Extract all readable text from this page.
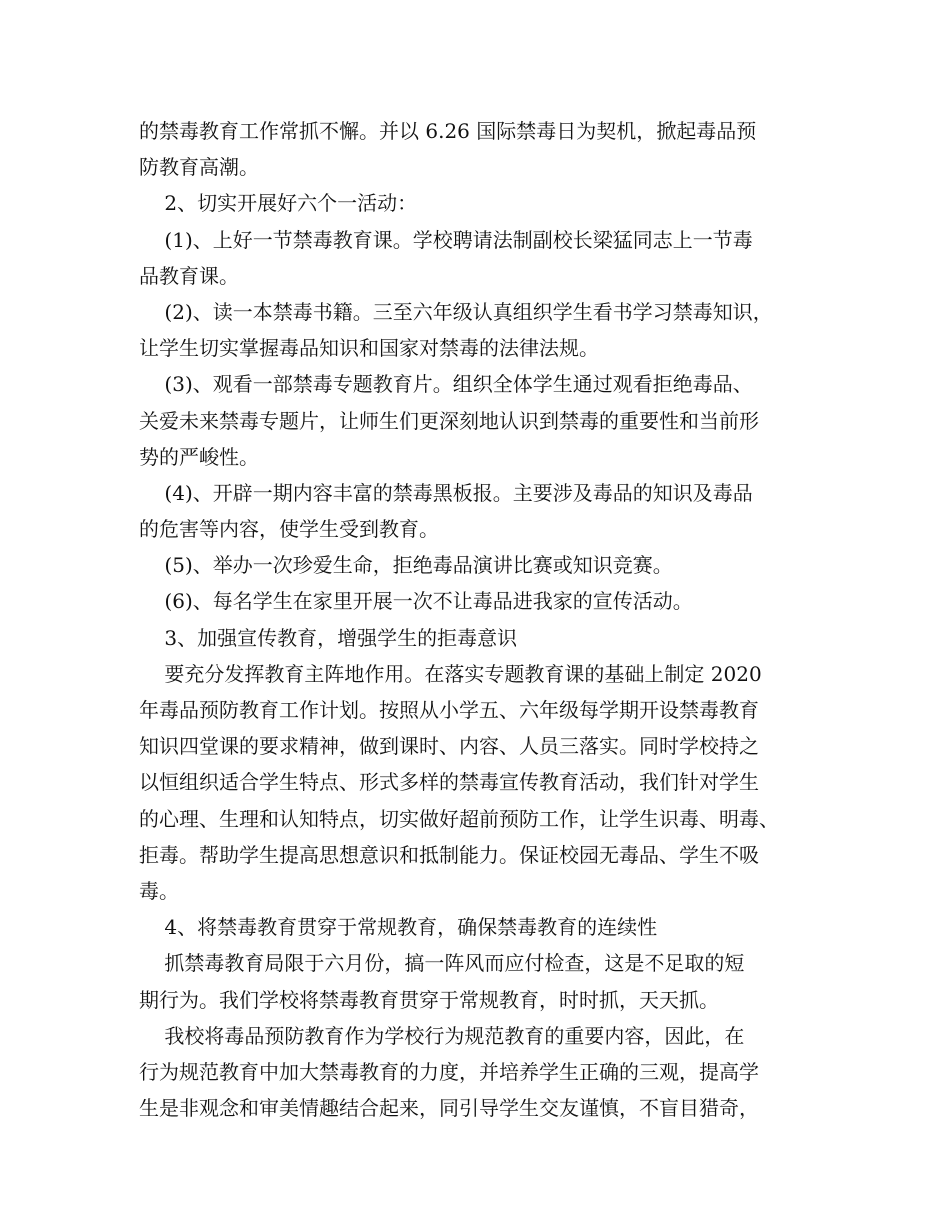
的禁毒教育工作常抓不懈。并以 6.26 国际禁毒日为契机，掀起毒品预
防教育高潮。
2、切实开展好六个一活动：
(1)、上好一节禁毒教育课。学校聘请法制副校长梁猛同志上一节毒
品教育课。
(2)、读一本禁毒书籍。三至六年级认真组织学生看书学习禁毒知识，
让学生切实掌握毒品知识和国家对禁毒的法律法规。
(3)、观看一部禁毒专题教育片。组织全体学生通过观看拒绝毒品、
关爱未来禁毒专题片，让师生们更深刻地认识到禁毒的重要性和当前形
势的严峻性。
(4)、开辟一期内容丰富的禁毒黑板报。主要涉及毒品的知识及毒品
的危害等内容，使学生受到教育。
(5)、举办一次珍爱生命，拒绝毒品演讲比赛或知识竞赛。
(6)、每名学生在家里开展一次不让毒品进我家的宣传活动。
3、加强宣传教育，增强学生的拒毒意识
要充分发挥教育主阵地作用。在落实专题教育课的基础上制定 2020
年毒品预防教育工作计划。按照从小学五、六年级每学期开设禁毒教育
知识四堂课的要求精神，做到课时、内容、人员三落实。同时学校持之
以恒组织适合学生特点、形式多样的禁毒宣传教育活动，我们针对学生
的心理、生理和认知特点，切实做好超前预防工作，让学生识毒、明毒、
拒毒。帮助学生提高思想意识和抵制能力。保证校园无毒品、学生不吸
毒。
4、将禁毒教育贯穿于常规教育，确保禁毒教育的连续性
抓禁毒教育局限于六月份，搞一阵风而应付检查，这是不足取的短
期行为。我们学校将禁毒教育贯穿于常规教育，时时抓，天天抓。
我校将毒品预防教育作为学校行为规范教育的重要内容，因此，在
行为规范教育中加大禁毒教育的力度，并培养学生正确的三观，提高学
生是非观念和审美情趣结合起来，同引导学生交友谨慎，不盲目猎奇，
